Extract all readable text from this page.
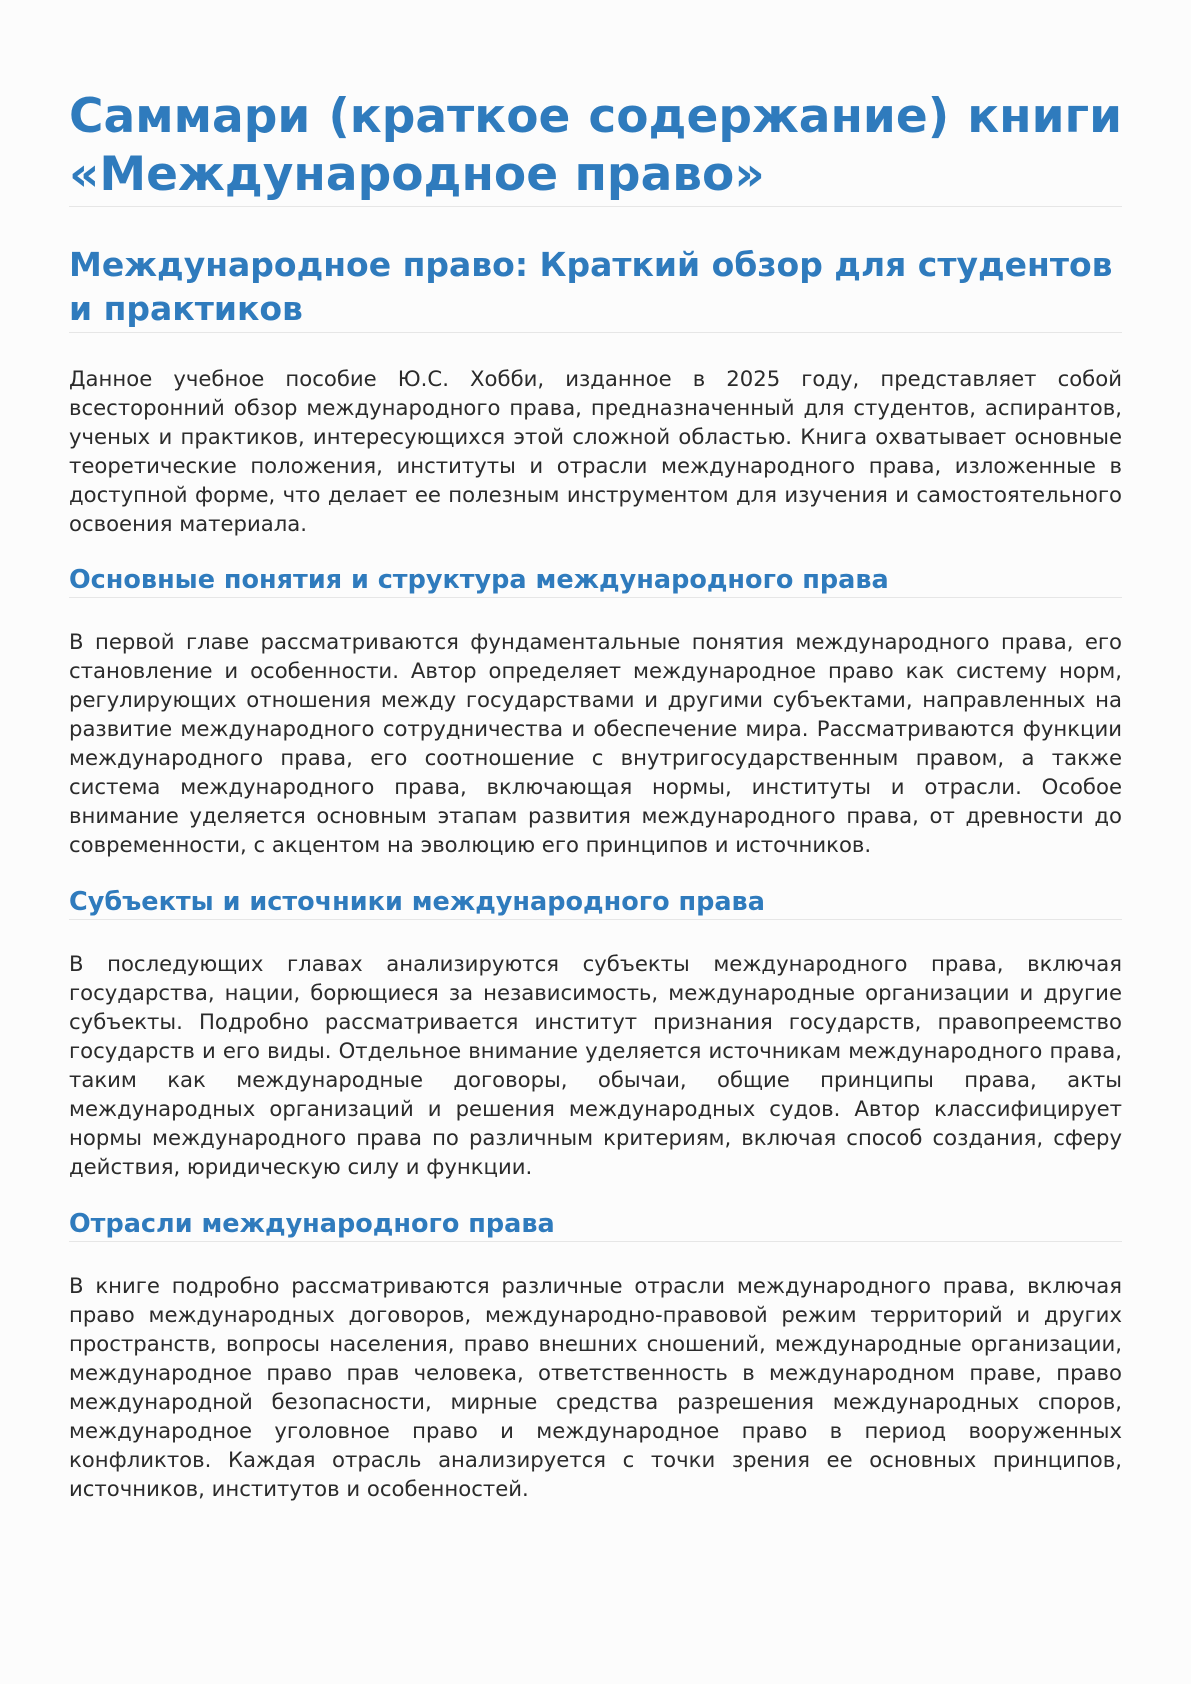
Саммари (краткое содержание) книги «Международное право»
Международное право: Краткий обзор для студентов и практиков

Данное учебное пособие Ю.С. Хобби, изданное в 2025 году, представляет собой всесторонний обзор международного права, предназначенный для студентов, аспирантов, ученых и практиков, интересующихся этой сложной областью. Книга охватывает основные теоретические положения, институты и отрасли международного права, изложенные в доступной форме, что делает ее полезным инструментом для изучения и самостоятельного освоения материала.

Основные понятия и структура международного права

В первой главе рассматриваются фундаментальные понятия международного права, его становление и особенности. Автор определяет международное право как систему норм, регулирующих отношения между государствами и другими субъектами, направленных на развитие международного сотрудничества и обеспечение мира. Рассматриваются функции международного права, его соотношение с внутригосударственным правом, а также система международного права, включающая нормы, институты и отрасли. Особое внимание уделяется основным этапам развития международного права, от древности до современности, с акцентом на эволюцию его принципов и источников.

Субъекты и источники международного права

В последующих главах анализируются субъекты международного права, включая государства, нации, борющиеся за независимость, международные организации и другие субъекты. Подробно рассматривается институт признания государств, правопреемство государств и его виды. Отдельное внимание уделяется источникам международного права, таким как международные договоры, обычаи, общие принципы права, акты международных организаций и решения международных судов. Автор классифицирует нормы международного права по различным критериям, включая способ создания, сферу действия, юридическую силу и функции.

Отрасли международного права

В книге подробно рассматриваются различные отрасли международного права, включая право международных договоров, международно-правовой режим территорий и других пространств, вопросы населения, право внешних сношений, международные организации, международное право прав человека, ответственность в международном праве, право международной безопасности, мирные средства разрешения международных споров, международное уголовное право и международное право в период вооруженных конфликтов. Каждая отрасль анализируется с точки зрения ее основных принципов, источников, институтов и особенностей.
